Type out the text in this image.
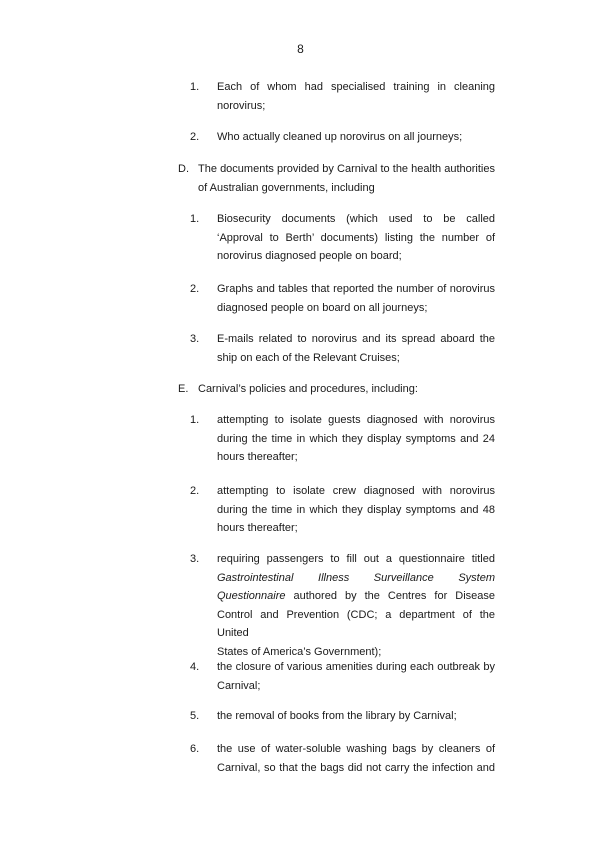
8
1. Each of whom had specialised training in cleaning
norovirus;
2. Who actually cleaned up norovirus on all journeys;
D. The documents provided by Carnival to the health authorities
of Australian governments, including
1. Biosecurity documents (which used to be called
‘Approval to Berth’ documents) listing the number of
norovirus diagnosed people on board;
2. Graphs and tables that reported the number of norovirus
diagnosed people on board on all journeys;
3. E-mails related to norovirus and its spread aboard the
ship on each of the Relevant Cruises;
E. Carnival’s policies and procedures, including:
1. attempting to isolate guests diagnosed with norovirus
during the time in which they display symptoms and 24
hours thereafter;
2. attempting to isolate crew diagnosed with norovirus
during the time in which they display symptoms and 48
hours thereafter;
3. requiring passengers to fill out a questionnaire titled
Gastrointestinal Illness Surveillance System
Questionnaire authored by the Centres for Disease
Control and Prevention (CDC; a department of the United
States of America’s Government);
4. the closure of various amenities during each outbreak by
Carnival;
5. the removal of books from the library by Carnival;
6. the use of water-soluble washing bags by cleaners of
Carnival, so that the bags did not carry the infection and
